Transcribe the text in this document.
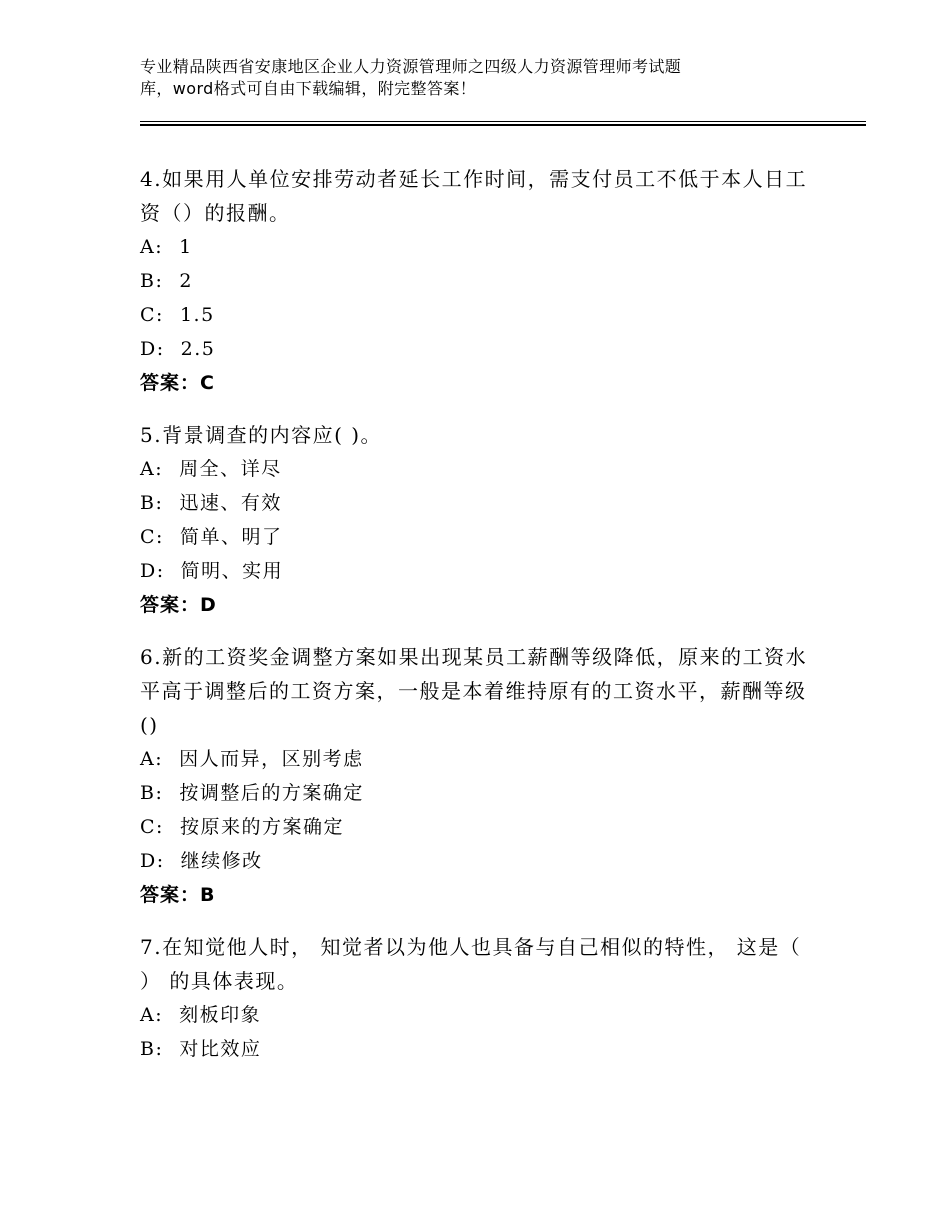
专业精品陕西省安康地区企业人力资源管理师之四级人力资源管理师考试题
库，word格式可自由下载编辑，附完整答案！
4.如果用人单位安排劳动者延长工作时间，需支付员工不低于本人日工资（）的报酬。
A: 1
B: 2
C: 1.5
D: 2.5
答案：C
5.背景调查的内容应( )。
A: 周全、详尽
B: 迅速、有效
C: 简单、明了
D: 简明、实用
答案：D
6.新的工资奖金调整方案如果出现某员工薪酬等级降低，原来的工资水平高于调整后的工资方案，一般是本着维持原有的工资水平，薪酬等级()
A: 因人而异，区别考虑
B: 按调整后的方案确定
C: 按原来的方案确定
D: 继续修改
答案：B
7.在知觉他人时， 知觉者以为他人也具备与自己相似的特性， 这是（ ） 的具体表现。
A: 刻板印象
B: 对比效应
